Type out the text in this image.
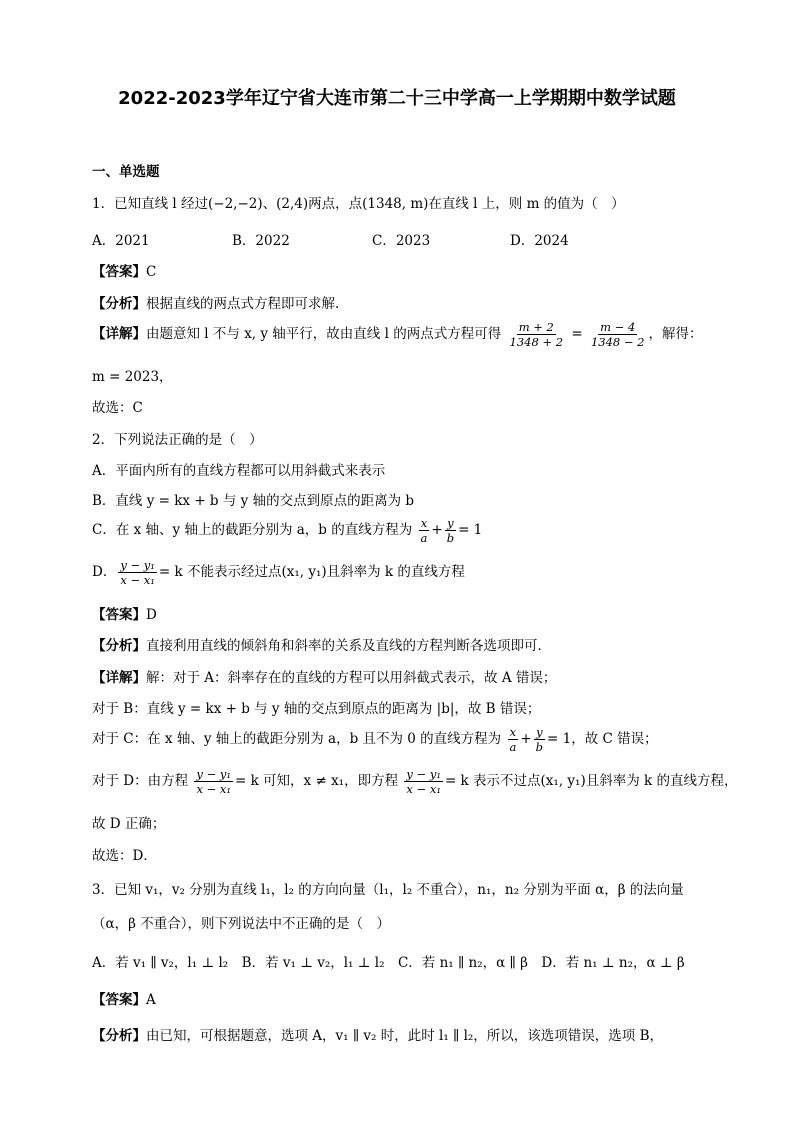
2022-2023学年辽宁省大连市第二十三中学高一上学期期中数学试题
一、单选题
1．已知直线 l 经过(−2,−2)、(2,4)两点，点(1348, m)在直线 l 上，则 m 的值为（　）
A．2021	B．2022	C．2023	D．2024
【答案】C
【分析】根据直线的两点式方程即可求解.
【详解】由题意知 l 不与 x, y 轴平行，故由直线 l 的两点式方程可得 $\frac{m + 2}{1348 + 2} = \frac{m - 4}{1348 - 2}$ ，解得：
m = 2023，
故选：C
2．下列说法正确的是（　）
A．平面内所有的直线方程都可以用斜截式来表示
B．直线 y = kx + b 与 y 轴的交点到原点的距离为 b
C．在 x 轴、y 轴上的截距分别为 a，b 的直线方程为 $\frac{x}{a} + \frac{y}{b} = 1$
D． $\frac{\text{y − y₁}}{\text{x − x₁}} = k$ 不能表示经过点(x₁, y₁)且斜率为 k 的直线方程
【答案】D
【分析】直接利用直线的倾斜角和斜率的关系及直线的方程判断各选项即可．
【详解】解：对于 A：斜率存在的直线的方程可以用斜截式表示，故 A 错误；
对于 B：直线 y = kx + b 与 y 轴的交点到原点的距离为 |b|，故 B 错误；
对于 C：在 x 轴、y 轴上的截距分别为 a，b 且不为 0 的直线方程为 $\frac{x}{a} + \frac{y}{b} = 1$，故 C 错误；
对于 D：由方程 $\frac{\text{y − y₁}}{\text{x − x₁}} = k$ 可知，x ≠ x₁，即方程 $\frac{\text{y − y₁}}{\text{x − x₁}} = k$ 表示不过点(x₁, y₁)且斜率为 k 的直线方程，
故 D 正确；
故选：D．
3．已知 v₁，v₂ 分别为直线 l₁，l₂ 的方向向量（l₁，l₂ 不重合），n₁，n₂ 分别为平面 α，β 的法向量
（α，β 不重合），则下列说法中不正确的是（　）
A．若 v₁ ∥ v₂，l₁ ⊥ l₂　B．若 v₁ ⊥ v₂，l₁ ⊥ l₂　C．若 n₁ ∥ n₂，α ∥ β　D．若 n₁ ⊥ n₂，α ⊥ β
【答案】A
【分析】由已知，可根据题意，选项 A，v₁ ∥ v₂ 时，此时 l₁ ∥ l₂，所以，该选项错误，选项 B，
